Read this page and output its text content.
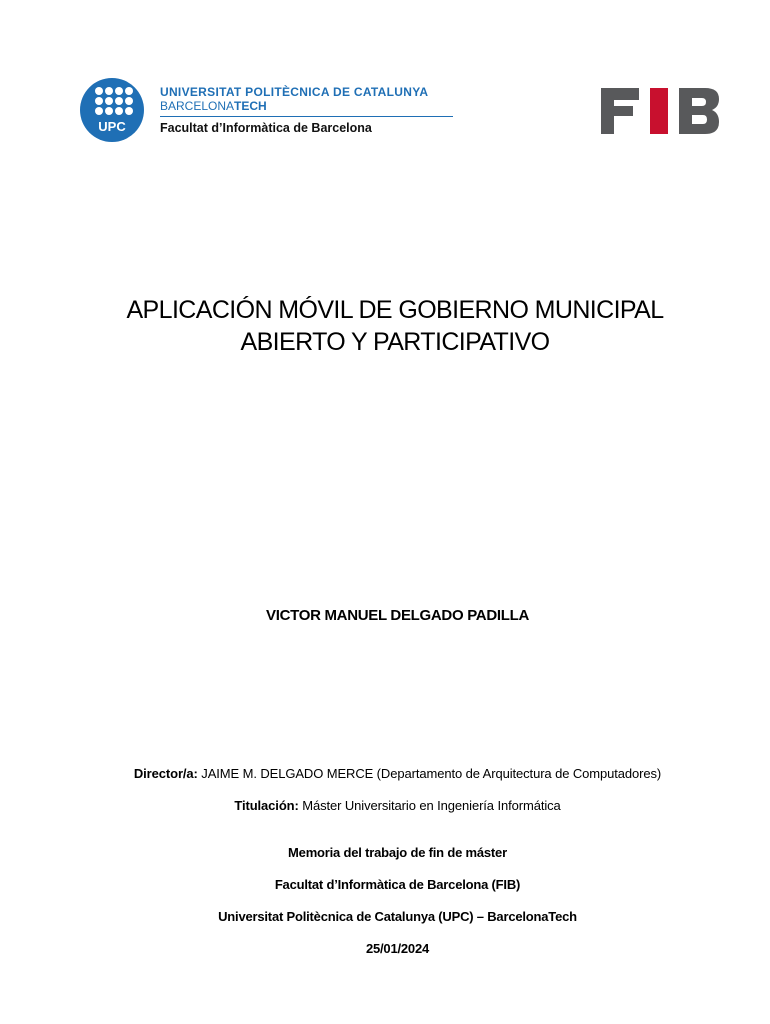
UPC
UNIVERSITAT POLITÈCNICA DE CATALUNYA
BARCELONATECH
Facultat d’Informàtica de Barcelona
APLICACIÓN MÓVIL DE GOBIERNO MUNICIPAL
ABIERTO Y PARTICIPATIVO
VICTOR MANUEL DELGADO PADILLA
Director/a: JAIME M. DELGADO MERCE (Departamento de Arquitectura de Computadores)
Titulación: Máster Universitario en Ingeniería Informática
Memoria del trabajo de fin de máster
Facultat d’Informàtica de Barcelona (FIB)
Universitat Politècnica de Catalunya (UPC) – BarcelonaTech
25/01/2024
